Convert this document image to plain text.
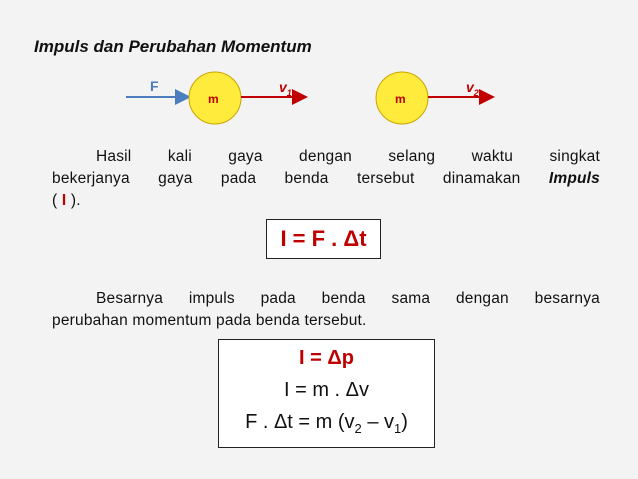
Impuls dan Perubahan Momentum
F
m	m
$v_1$	$v_2$
Hasil kali gaya dengan selang waktu singkat
bekerjanya gaya pada benda tersebut dinamakan Impuls
( I ).
I = F . Δt
Besarnya impuls pada benda sama dengan besarnya
perubahan momentum pada benda tersebut.
I = Δp
I = m . Δv
F . Δt = m $(v_2 - v_1)$
